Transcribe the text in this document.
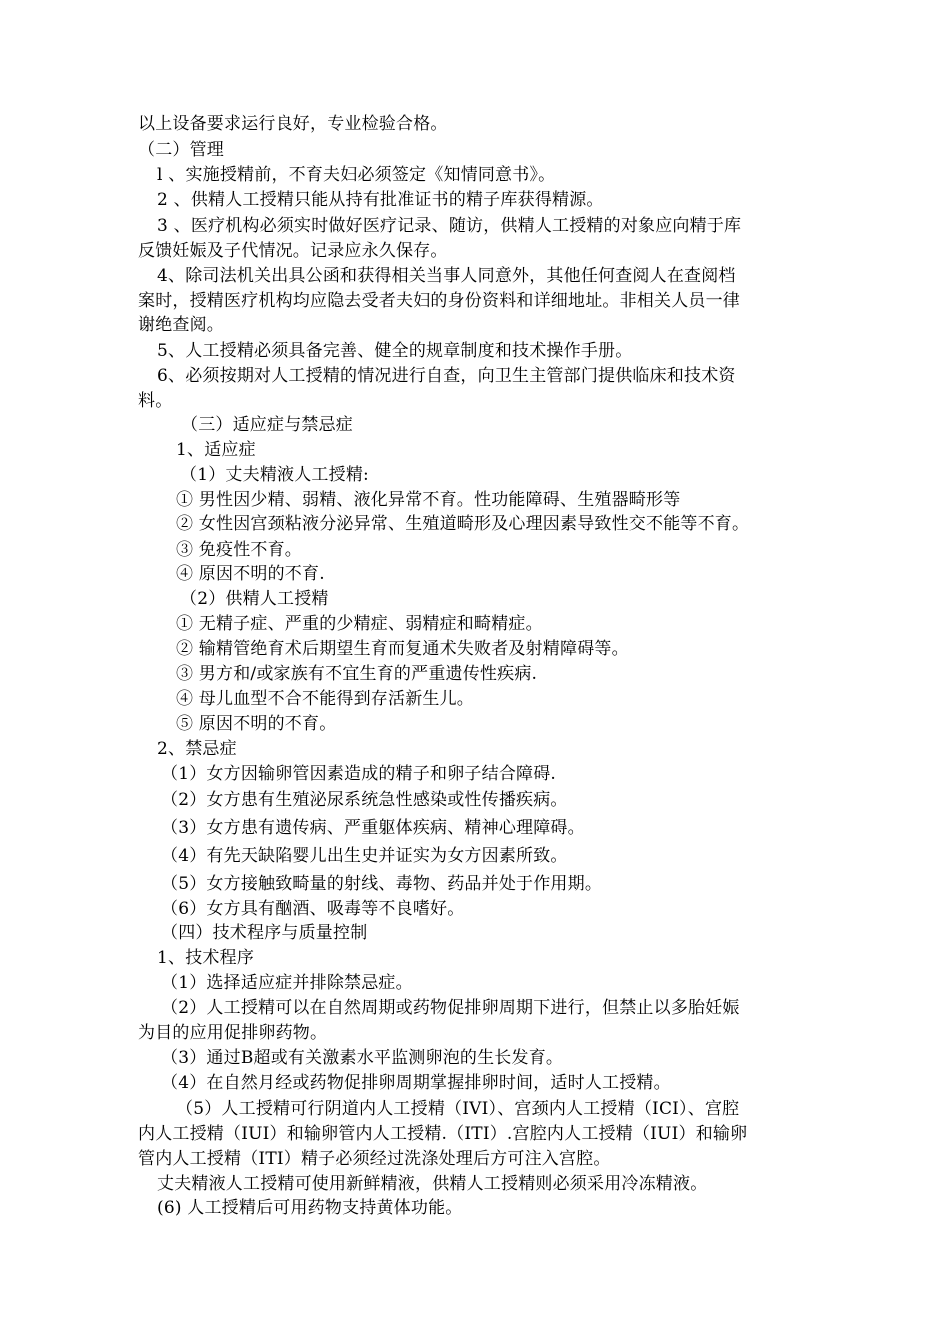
以上设备要求运行良好，专业检验合格。
（二）管理
l 、实施授精前，不育夫妇必须签定《知情同意书》。
2 、供精人工授精只能从持有批准证书的精子库获得精源。
3 、医疗机构必须实时做好医疗记录、随访，供精人工授精的对象应向精于库
反馈妊娠及子代情况。记录应永久保存。
4、除司法机关出具公函和获得相关当事人同意外，其他任何查阅人在查阅档
案时，授精医疗机构均应隐去受者夫妇的身份资料和详细地址。非相关人员一律
谢绝查阅。
5、人工授精必须具备完善、健全的规章制度和技术操作手册。
6、必须按期对人工授精的情况进行自查，向卫生主管部门提供临床和技术资
料。
（三）适应症与禁忌症
1、适应症
（1）丈夫精液人工授精:
① 男性因少精、弱精、液化异常不育。性功能障碍、生殖器畸形等
② 女性因宫颈粘液分泌异常、生殖道畸形及心理因素导致性交不能等不育。
③ 免疫性不育。
④ 原因不明的不育.
（2）供精人工授精
① 无精子症、严重的少精症、弱精症和畸精症。
② 输精管绝育术后期望生育而复通术失败者及射精障碍等。
③ 男方和/或家族有不宜生育的严重遗传性疾病.
④ 母儿血型不合不能得到存活新生儿。
⑤ 原因不明的不育。
2、禁忌症
（1）女方因输卵管因素造成的精子和卵子结合障碍.
（2）女方患有生殖泌尿系统急性感染或性传播疾病。
（3）女方患有遗传病、严重躯体疾病、精神心理障碍。
（4）有先天缺陷婴儿出生史并证实为女方因素所致。
（5）女方接触致畸量的射线、毒物、药品并处于作用期。
（6）女方具有酗酒、吸毒等不良嗜好。
（四）技术程序与质量控制
1、技术程序
（1）选择适应症并排除禁忌症。
（2）人工授精可以在自然周期或药物促排卵周期下进行，但禁止以多胎妊娠
为目的应用促排卵药物。
（3）通过B超或有关激素水平监测卵泡的生长发育。
（4）在自然月经或药物促排卵周期掌握排卵时间，适时人工授精。
（5）人工授精可行阴道内人工授精（IVI）、宫颈内人工授精（ICI）、宫腔
内人工授精（IUI）和输卵管内人工授精.（ITI）.宫腔内人工授精（IUI）和输卵
管内人工授精（ITI）精子必须经过洗涤处理后方可注入宫腔。
丈夫精液人工授精可使用新鲜精液，供精人工授精则必须采用冷冻精液。
(6) 人工授精后可用药物支持黄体功能。
